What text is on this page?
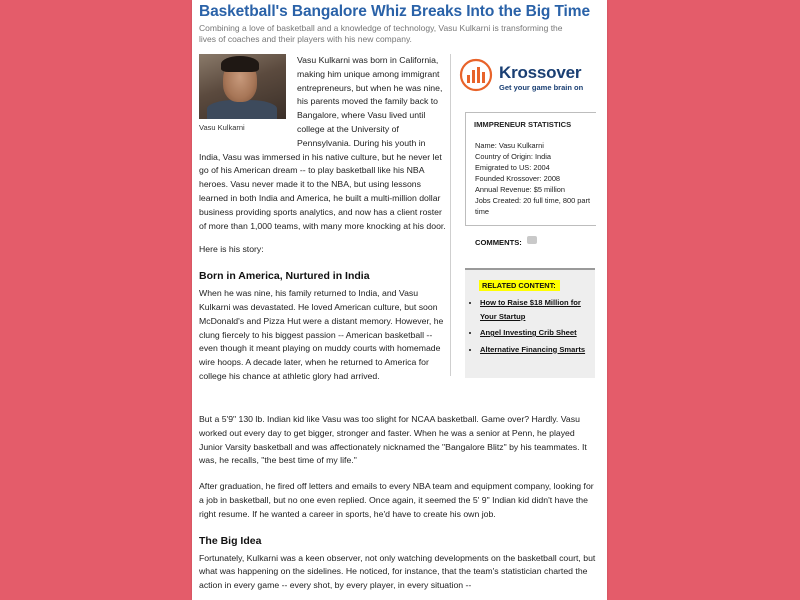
Basketball's Bangalore Whiz Breaks Into the Big Time
Combining a love of basketball and a knowledge of technology, Vasu Kulkarni is transforming the lives of coaches and their players with his new company.
Vasu Kulkarni

Vasu Kulkarni was born in California, making him unique among immigrant entrepreneurs, but when he was nine, his parents moved the family back to Bangalore, where Vasu lived until college at the University of Pennsylvania. During his youth in India, Vasu was immersed in his native culture, but he never let go of his American dream -- to play basketball like his NBA heroes. Vasu never made it to the NBA, but using lessons learned in both India and America, he built a multi-million dollar business providing sports analytics, and now has a client roster of more than 1,000 teams, with many more knocking at his door.

Here is his story:

Born in America, Nurtured in India

When he was nine, his family returned to India, and Vasu Kulkarni was devastated. He loved American culture, but soon McDonald's and Pizza Hut were a distant memory. However, he clung fiercely to his biggest passion -- American basketball -- even though it meant playing on muddy courts with homemade wire hoops. A decade later, when he returned to America for college his chance at athletic glory had arrived.

But a 5'9" 130 lb. Indian kid like Vasu was too slight for NCAA basketball. Game over? Hardly. Vasu worked out every day to get bigger, stronger and faster. When he was a senior at Penn, he played Junior Varsity basketball and was affectionately nicknamed the "Bangalore Blitz" by his teammates. It was, he recalls, "the best time of my life."

After graduation, he fired off letters and emails to every NBA team and equipment company, looking for a job in basketball, but no one even replied. Once again, it seemed the 5' 9" Indian kid didn't have the right resume. If he wanted a career in sports, he'd have to create his own job.

The Big Idea

Fortunately, Kulkarni was a keen observer, not only watching developments on the basketball court, but what was happening on the sidelines. He noticed, for instance, that the team's statistician charted the action in every game -- every shot, by every player, in every situation --

Krossover
Get your game brain on
IMMPRENEUR STATISTICS
Name: Vasu Kulkarni
Country of Origin: India
Emigrated to US: 2004
Founded Krossover: 2008
Annual Revenue: $5 million
Jobs Created: 20 full time, 800 part time
COMMENTS:
RELATED CONTENT:
• How to Raise $18 Million for Your Startup
• Angel Investing Crib Sheet
• Alternative Financing Smarts
